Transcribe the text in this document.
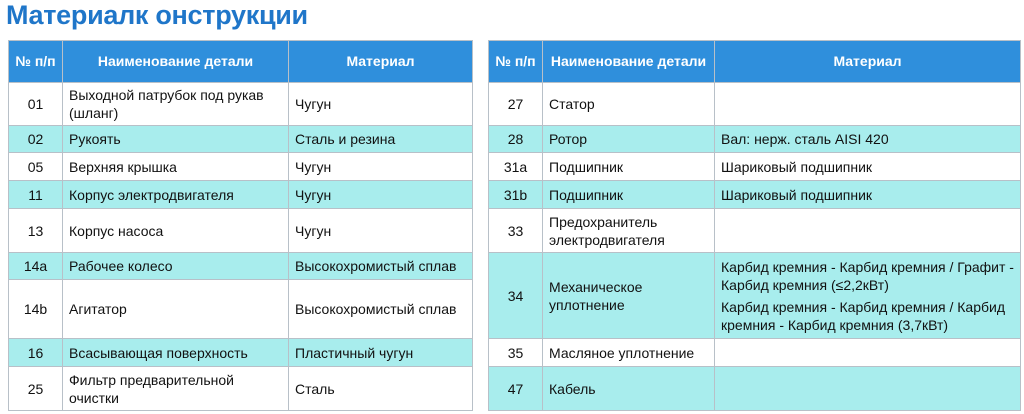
Материалк онструкции
№ п/п	Наименование детали	Материал
01	Выходной патрубок под рукав (шланг)	Чугун
02	Рукоять	Сталь и резина
05	Верхняя крышка	Чугун
11	Корпус электродвигателя	Чугун
13	Корпус насоса	Чугун
14a	Рабочее колесо	Высокохромистый сплав
14b	Агитатор	Высокохромистый сплав
16	Всасывающая поверхность	Пластичный чугун
25	Фильтр предварительной очистки	Сталь
№ п/п	Наименование детали	Материал
27	Статор	
28	Ротор	Вал: нерж. сталь AISI 420
31a	Подшипник	Шариковый подшипник
31b	Подшипник	Шариковый подшипник
33	Предохранитель электродвигателя	
34	Механическое уплотнение	Карбид кремния - Карбид кремния / Графит - Карбид кремния (≤2,2кВт)
Карбид кремния - Карбид кремния / Карбид кремния - Карбид кремния (3,7кВт)

35	Масляное уплотнение	
47	Кабель	
